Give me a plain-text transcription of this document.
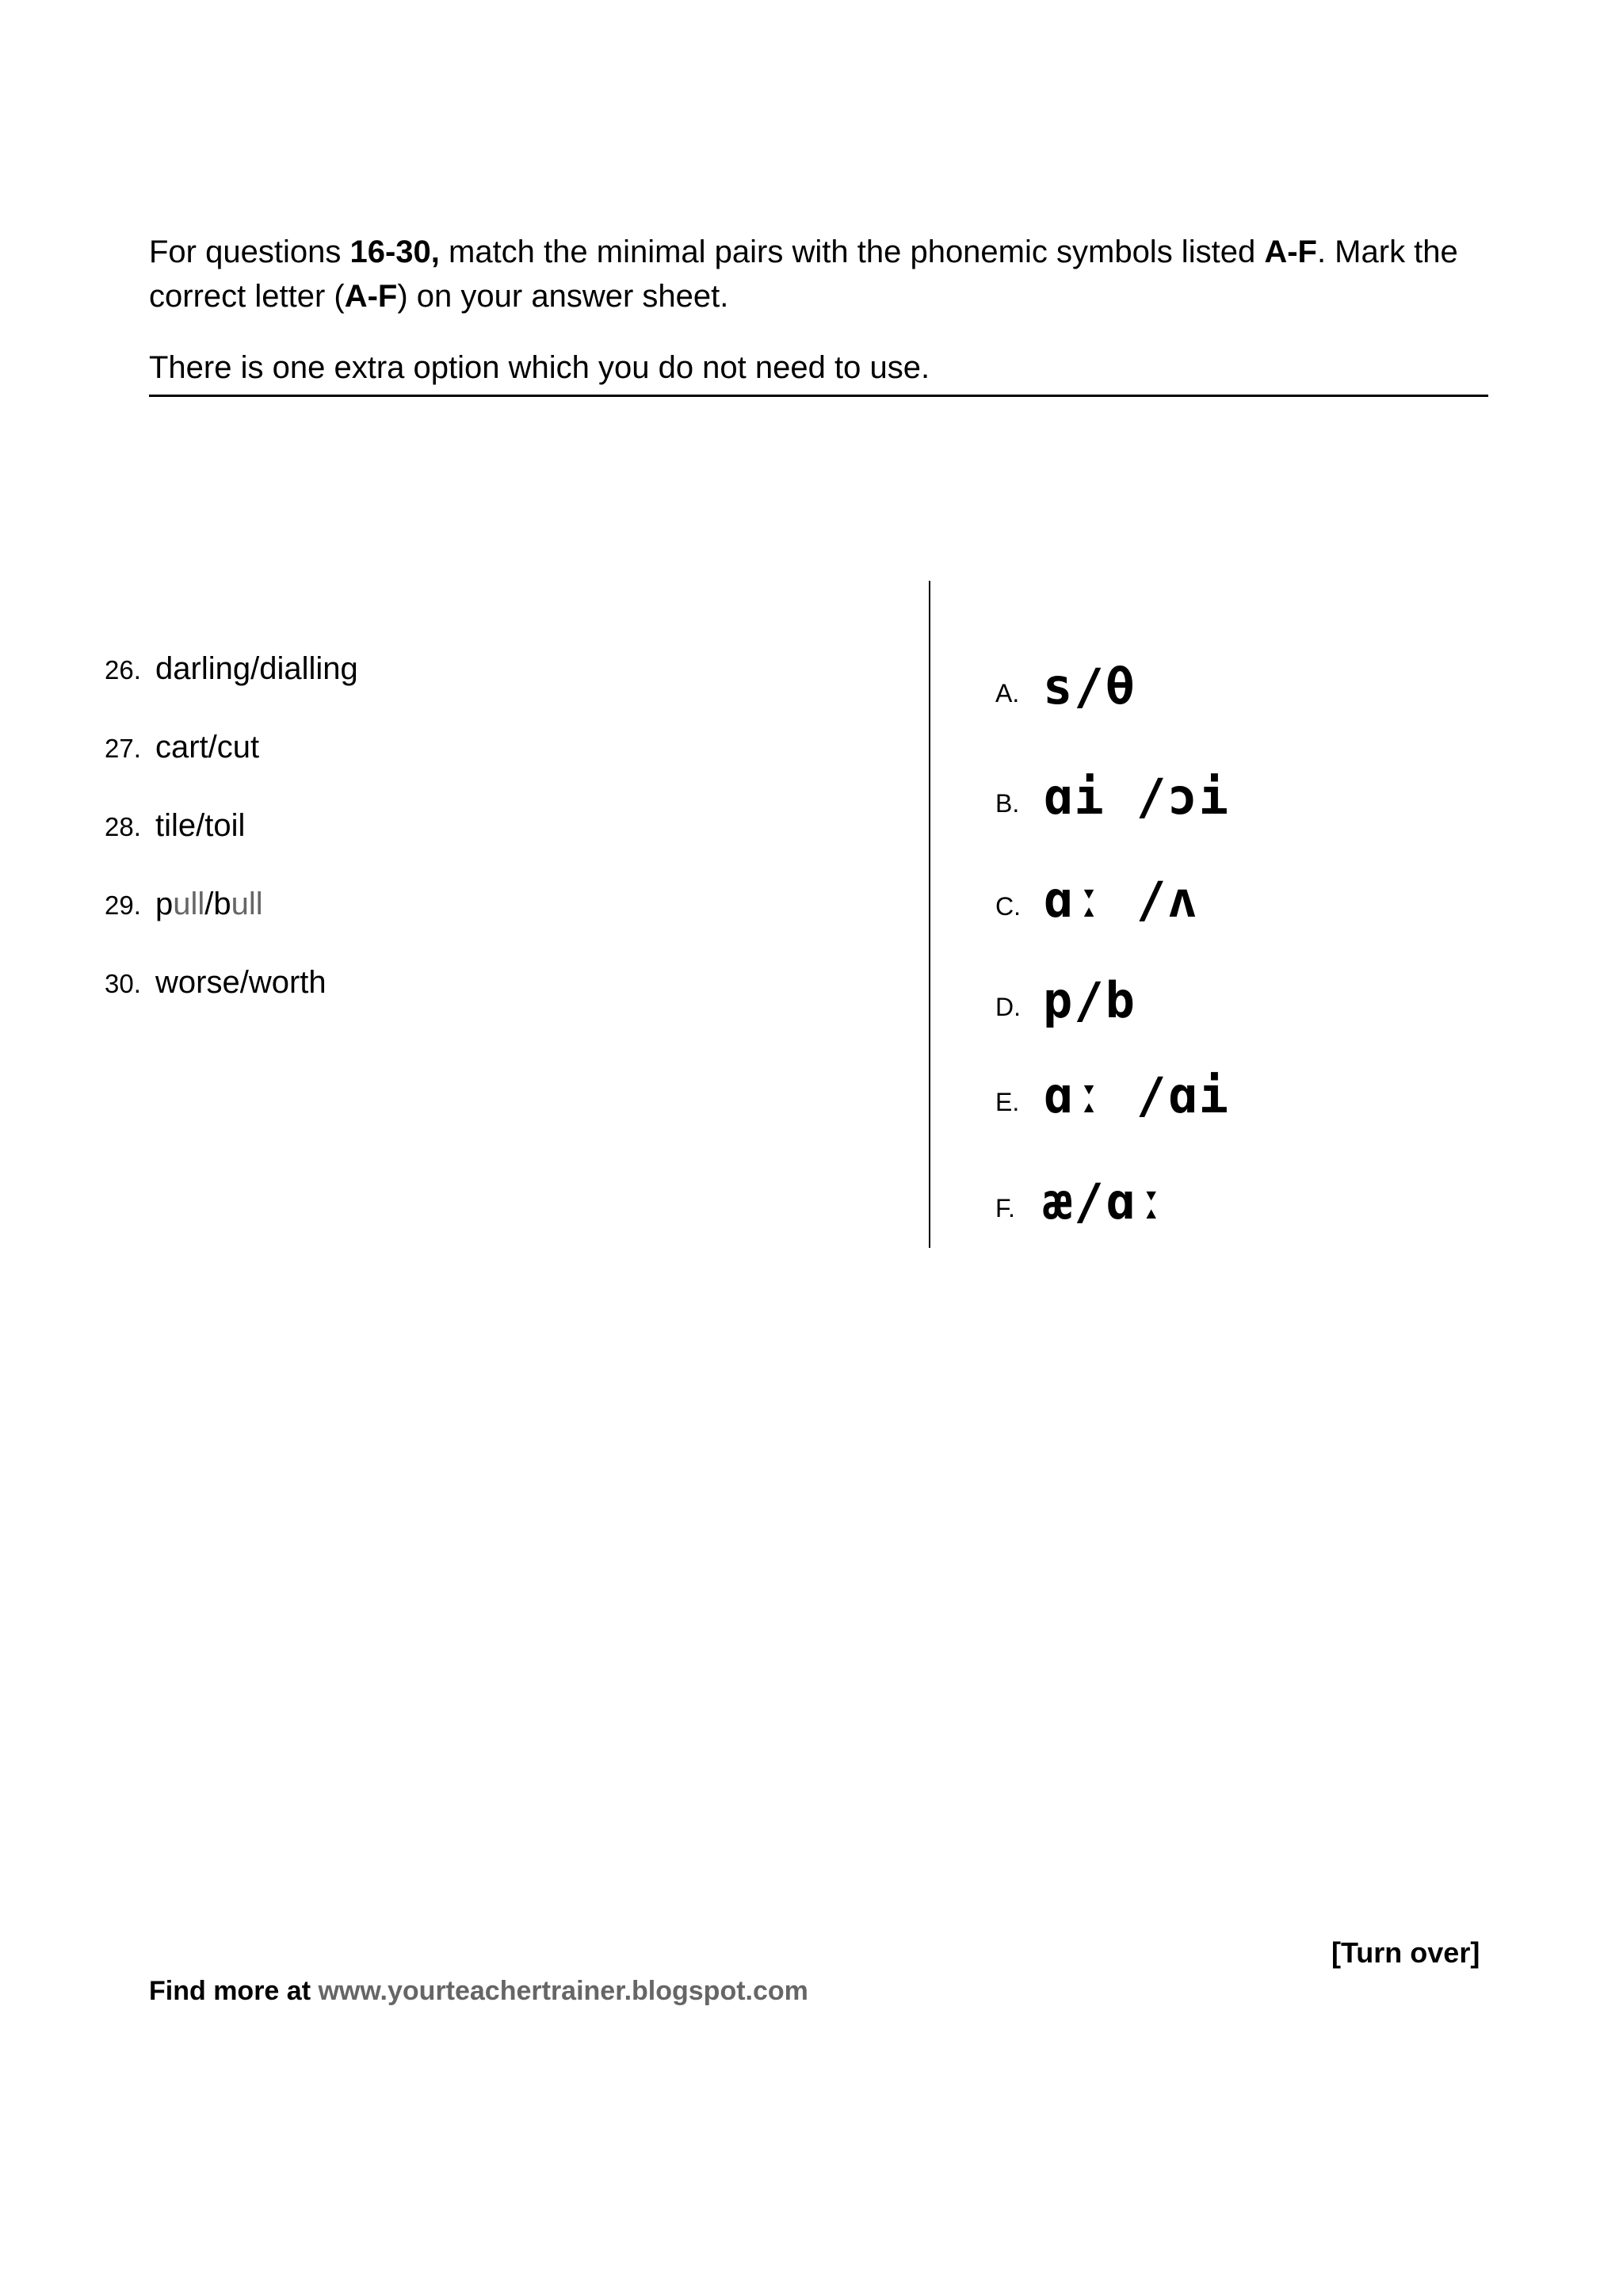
For questions 16-30, match the minimal pairs with the phonemic symbols listed A-F. Mark the correct letter (A-F) on your answer sheet.

There is one extra option which you do not need to use.

26. darling/dialling
27. cart/cut
28. tile/toil
29. pull/bull
30. worse/worth
A. s/θ
B. ɑi /ɔi
C. ɑː /ʌ
D. p/b
E. ɑː /ɑi
F. æ/ɑː
[Turn over]
Find more at www.yourteachertrainer.blogspot.com
